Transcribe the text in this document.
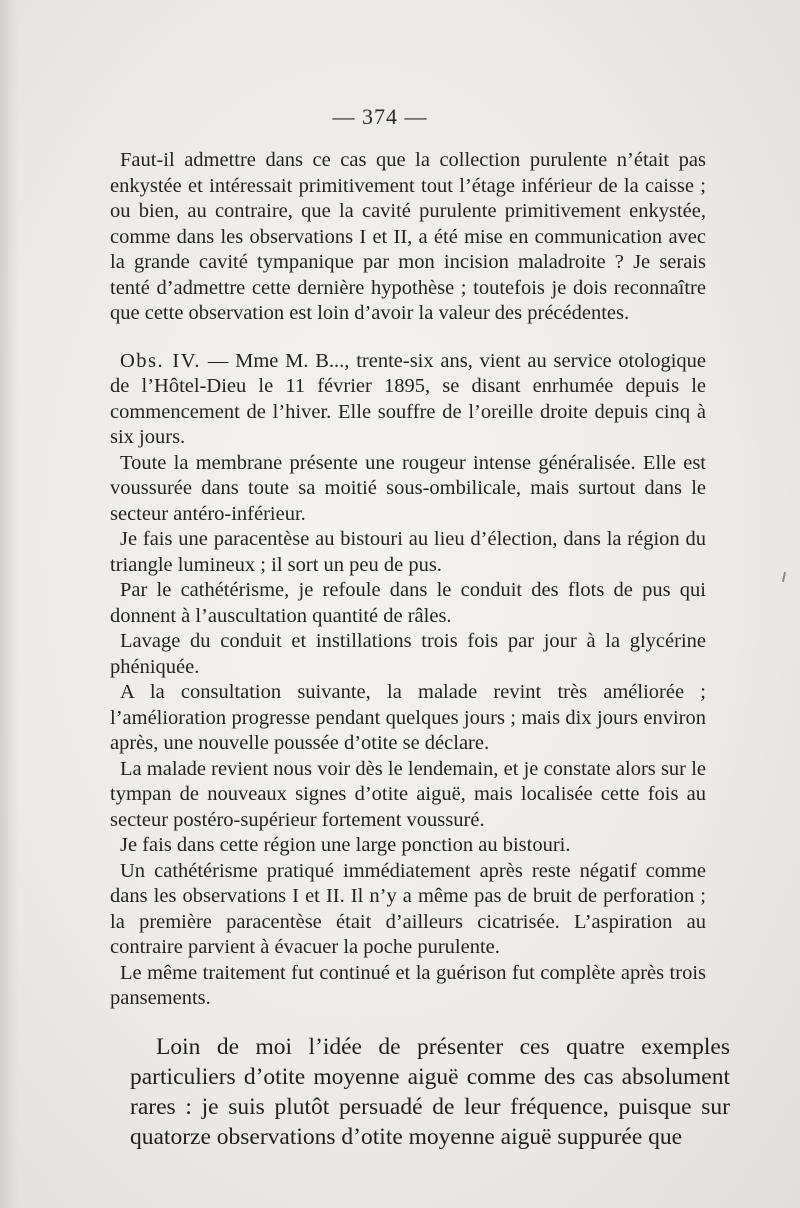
— 374 —

Faut-il admettre dans ce cas que la collection purulente n’était pas enkystée et intéressait primitivement tout l’étage inférieur de la caisse ; ou bien, au contraire, que la cavité purulente primitivement enkystée, comme dans les observations I et II, a été mise en communication avec la grande cavité tympanique par mon incision maladroite ? Je serais tenté d’admettre cette dernière hypothèse ; toutefois je dois reconnaître que cette observation est loin d’avoir la valeur des précédentes.

Obs. IV. — Mme M. B..., trente-six ans, vient au service otologique de l’Hôtel-Dieu le 11 février 1895, se disant enrhumée depuis le commencement de l’hiver. Elle souffre de l’oreille droite depuis cinq à six jours.

Toute la membrane présente une rougeur intense généralisée. Elle est voussurée dans toute sa moitié sous-ombilicale, mais surtout dans le secteur antéro-inférieur.

Je fais une paracentèse au bistouri au lieu d’élection, dans la région du triangle lumineux ; il sort un peu de pus.

Par le cathétérisme, je refoule dans le conduit des flots de pus qui donnent à l’auscultation quantité de râles.

Lavage du conduit et instillations trois fois par jour à la glycérine phéniquée.

A la consultation suivante, la malade revint très améliorée ; l’amélioration progresse pendant quelques jours ; mais dix jours environ après, une nouvelle poussée d’otite se déclare.

La malade revient nous voir dès le lendemain, et je constate alors sur le tympan de nouveaux signes d’otite aiguë, mais localisée cette fois au secteur postéro-supérieur fortement voussuré.

Je fais dans cette région une large ponction au bistouri.

Un cathétérisme pratiqué immédiatement après reste négatif comme dans les observations I et II. Il n’y a même pas de bruit de perforation ; la première paracentèse était d’ailleurs cicatrisée. L’aspiration au contraire parvient à évacuer la poche purulente.

Le même traitement fut continué et la guérison fut complète après trois pansements.

Loin de moi l’idée de présenter ces quatre exemples particuliers d’otite moyenne aiguë comme des cas absolument rares : je suis plutôt persuadé de leur fréquence, puisque sur quatorze observations d’otite moyenne aiguë suppurée que
